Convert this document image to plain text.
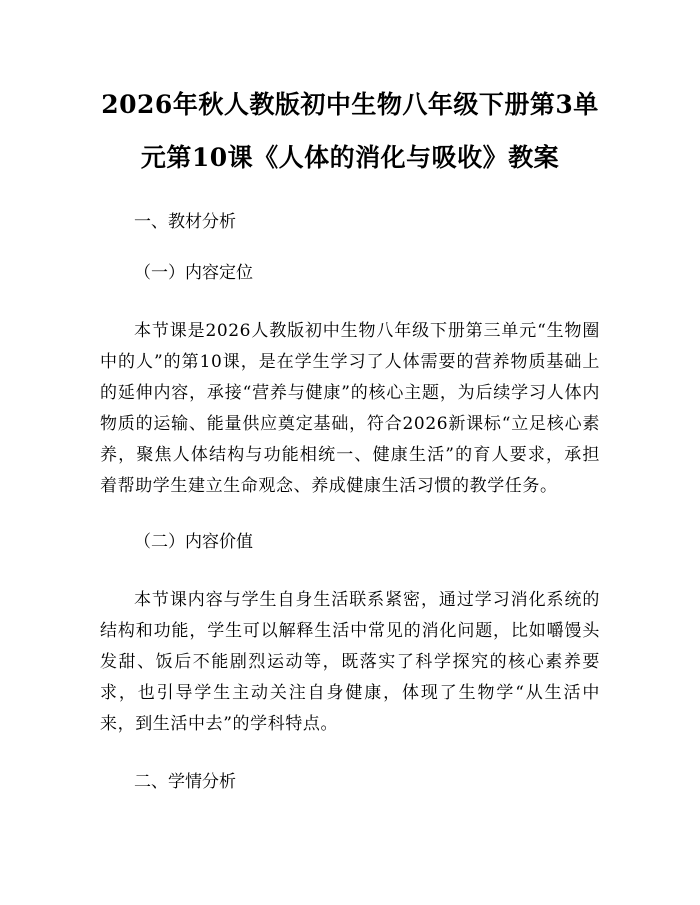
2026年秋人教版初中生物八年级下册第3单元第10课《人体的消化与吸收》教案

一、教材分析

（一）内容定位

本节课是2026人教版初中生物八年级下册第三单元“生物圈中的人”的第10课，是在学生学习了人体需要的营养物质基础上的延伸内容，承接“营养与健康”的核心主题，为后续学习人体内物质的运输、能量供应奠定基础，符合2026新课标“立足核心素养，聚焦人体结构与功能相统一、健康生活”的育人要求，承担着帮助学生建立生命观念、养成健康生活习惯的教学任务。

（二）内容价值

本节课内容与学生自身生活联系紧密，通过学习消化系统的结构和功能，学生可以解释生活中常见的消化问题，比如嚼馒头发甜、饭后不能剧烈运动等，既落实了科学探究的核心素养要求，也引导学生主动关注自身健康，体现了生物学“从生活中来，到生活中去”的学科特点。

二、学情分析
